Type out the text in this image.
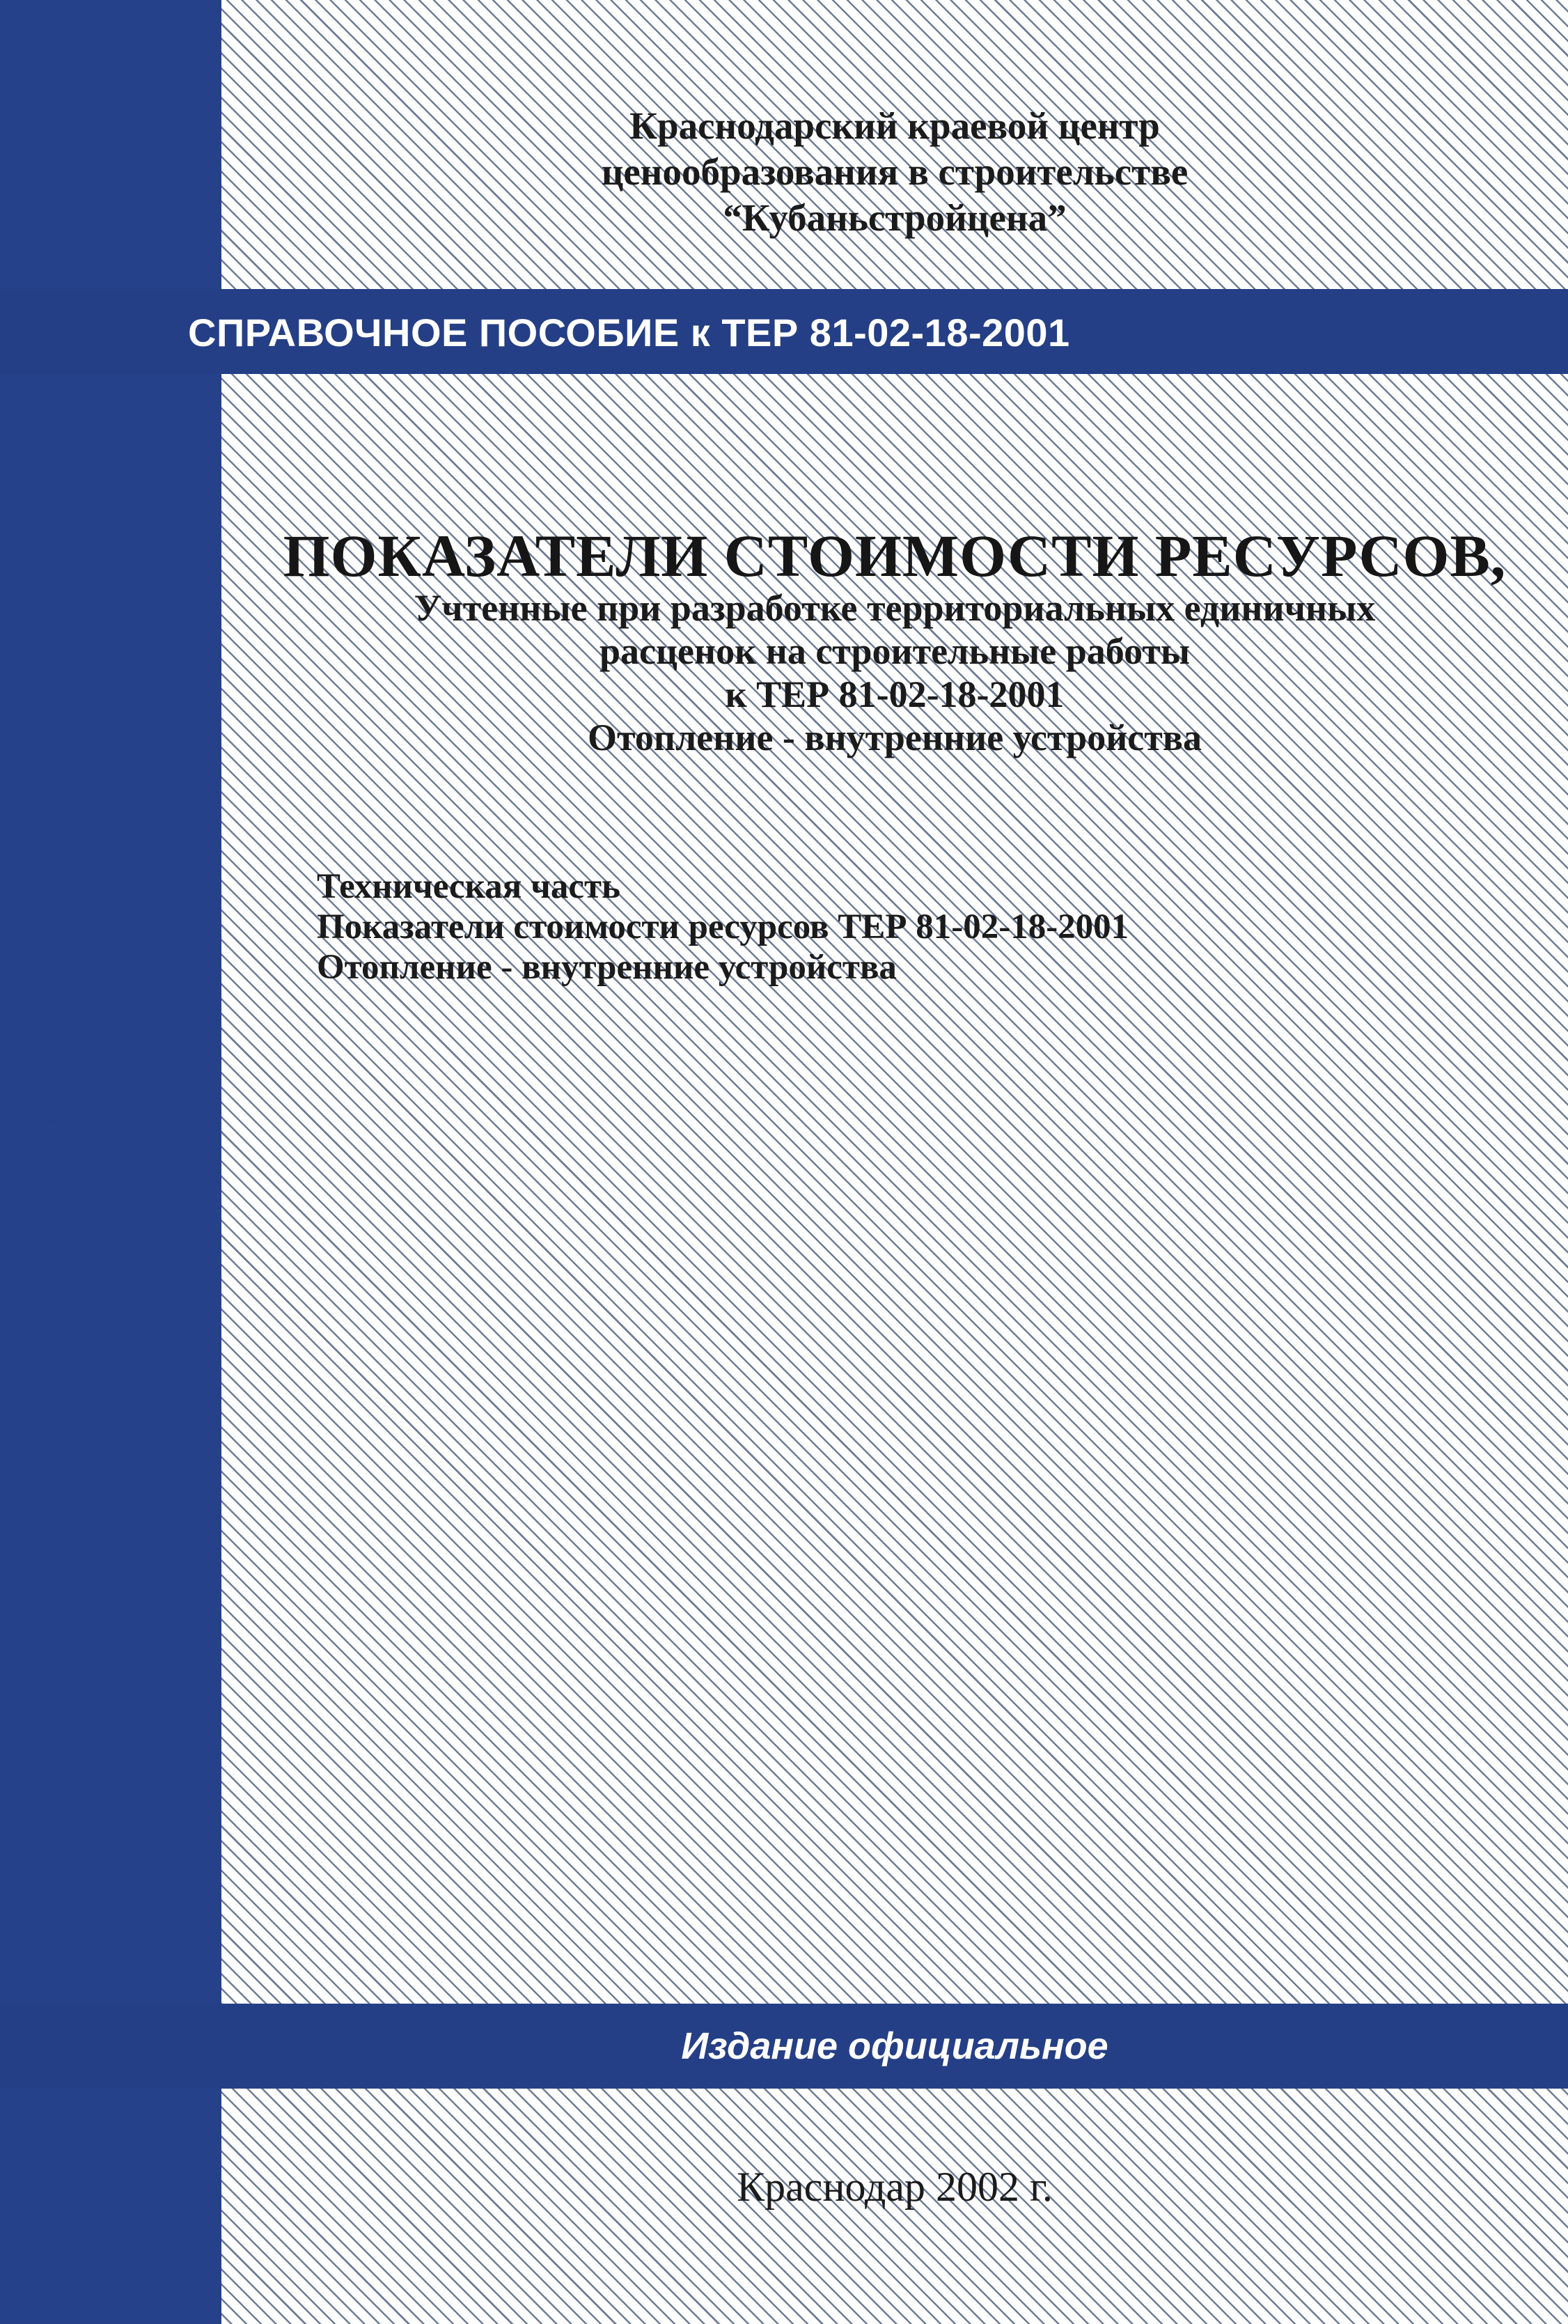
СПРАВОЧНОЕ ПОСОБИЕ к ТЕР 81-02-18-2001
Издание официальное
Краснодарский краевой центр
ценообразования в строительстве
“Кубаньстройцена”
ПОКАЗАТЕЛИ СТОИМОСТИ РЕСУРСОВ,
Учтенные при разработке территориальных единичных
расценок на строительные работы
к ТЕР 81-02-18-2001
Отопление - внутренние устройства
Техническая часть
Показатели стоимости ресурсов ТЕР 81-02-18-2001
Отопление - внутренние устройства
Краснодар 2002 г.
